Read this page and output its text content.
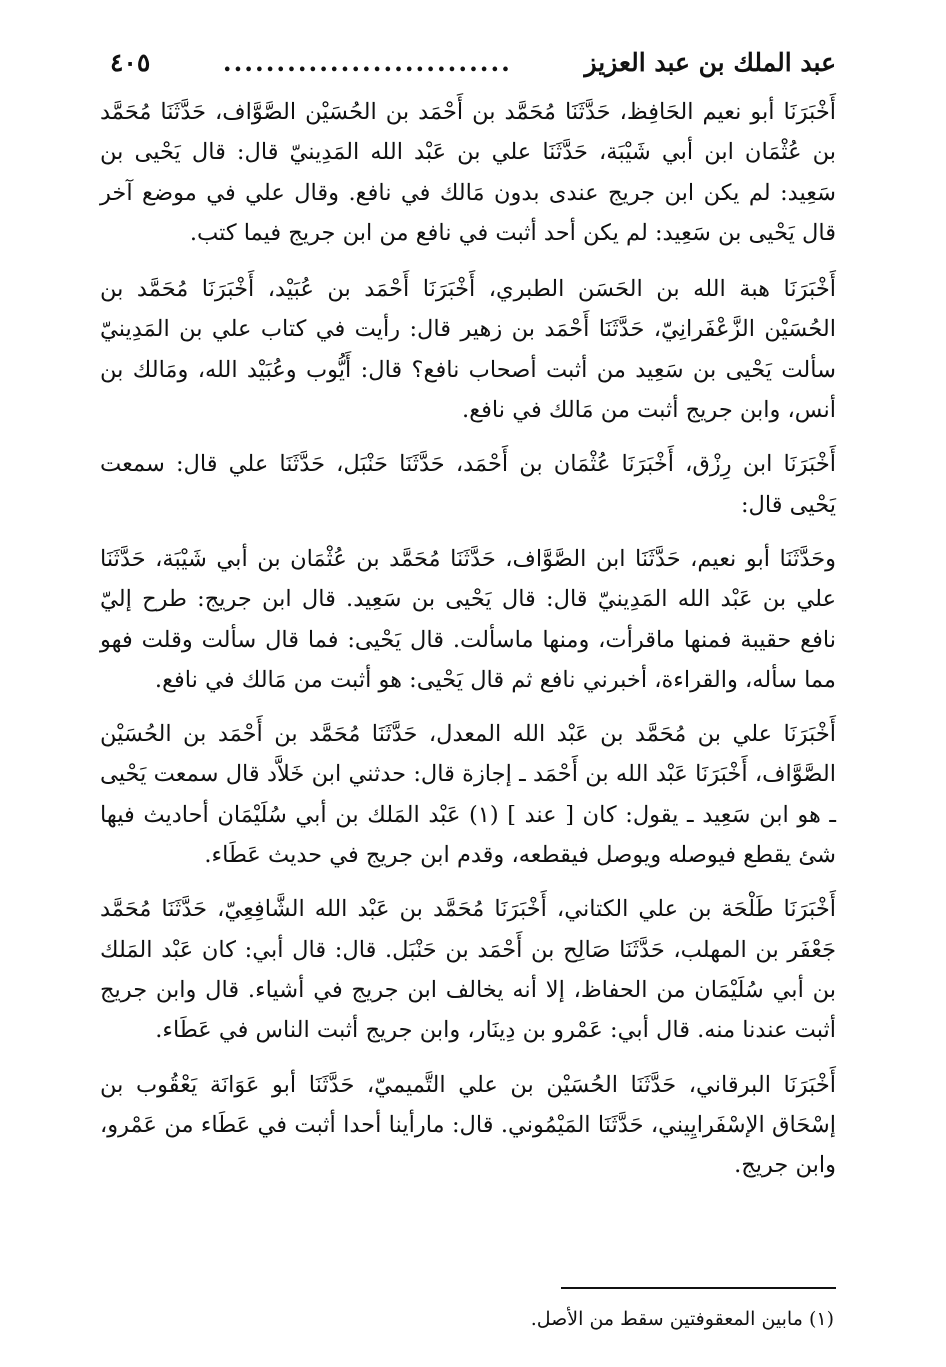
عبد الملك بن عبد العزيز
...........................
٤٠٥

أَخْبَرَنَا أبو نعيم الحَافِظ، حَدَّثَنَا مُحَمَّد بن أَحْمَد بن الحُسَيْن الصَّوَّاف، حَدَّثَنَا مُحَمَّد بن عُثْمَان ابن أبي شَيْبَة، حَدَّثَنَا علي بن عَبْد الله المَدِينيّ قال: قال يَحْيى بن سَعِيد: لم يكن ابن جريج عندى بدون مَالك في نافع. وقال علي في موضع آخر قال يَحْيى بن سَعِيد: لم يكن أحد أثبت في نافع من ابن جريج فيما كتب.

أَخْبَرَنَا هبة الله بن الحَسَن الطبري، أَخْبَرَنَا أَحْمَد بن عُبَيْد، أَخْبَرَنَا مُحَمَّد بن الحُسَيْن الزَّعْفَرانِيّ، حَدَّثَنَا أَحْمَد بن زهير قال: رأيت في كتاب علي بن المَدِينيّ سألت يَحْيى بن سَعِيد من أثبت أصحاب نافع؟ قال: أَيُّوب وعُبَيْد الله، ومَالك بن أنس، وابن جريج أثبت من مَالك في نافع.

أَخْبَرَنَا ابن رِزْق، أَخْبَرَنَا عُثْمَان بن أَحْمَد، حَدَّثَنَا حَنْبَل، حَدَّثَنَا علي قال: سمعت يَحْيى قال:

وحَدَّثَنَا أبو نعيم، حَدَّثَنَا ابن الصَّوَّاف، حَدَّثَنَا مُحَمَّد بن عُثْمَان بن أبي شَيْبَة، حَدَّثَنَا علي بن عَبْد الله المَدِينيّ قال: قال يَحْيى بن سَعِيد. قال ابن جريج: طرح إليّ نافع حقيبة فمنها ماقرأت، ومنها ماسألت. قال يَحْيى: فما قال سألت وقلت فهو مما سأله، والقراءة، أخبرني نافع ثم قال يَحْيى: هو أثبت من مَالك في نافع.

أَخْبَرَنَا علي بن مُحَمَّد بن عَبْد الله المعدل، حَدَّثَنَا مُحَمَّد بن أَحْمَد بن الحُسَيْن الصَّوَّاف، أَخْبَرَنَا عَبْد الله بن أَحْمَد ـ إجازة قال: حدثني ابن خَلاَّد قال سمعت يَحْيى ـ هو ابن سَعِيد ـ يقول: كان [ عند ] (١) عَبْد المَلك بن أبي سُلَيْمَان أحاديث فيها شئ يقطع فيوصله ويوصل فيقطعه، وقدم ابن جريج في حديث عَطَاء.

أَخْبَرَنَا طَلْحَة بن علي الكتاني، أَخْبَرَنَا مُحَمَّد بن عَبْد الله الشَّافِعِيّ، حَدَّثَنَا مُحَمَّد جَعْفَر بن المهلب، حَدَّثَنَا صَالِح بن أَحْمَد بن حَنْبَل. قال: قال أبي: كان عَبْد المَلك بن أبي سُلَيْمَان من الحفاظ، إلا أنه يخالف ابن جريج في أشياء. قال وابن جريج أثبت عندنا منه. قال أبي: عَمْرو بن دِينَار، وابن جريج أثبت الناس في عَطَاء.

أَخْبَرَنَا البرقاني، حَدَّثَنَا الحُسَيْن بن علي التَّميميّ، حَدَّثَنَا أبو عَوَانَة يَعْقُوب بن إسْحَاق الإسْفَرايِيني، حَدَّثَنَا المَيْمُوني. قال: مارأينا أحدا أثبت في عَطَاء من عَمْرو، وابن جريج.

(١) مابين المعقوفتين سقط من الأصل.
